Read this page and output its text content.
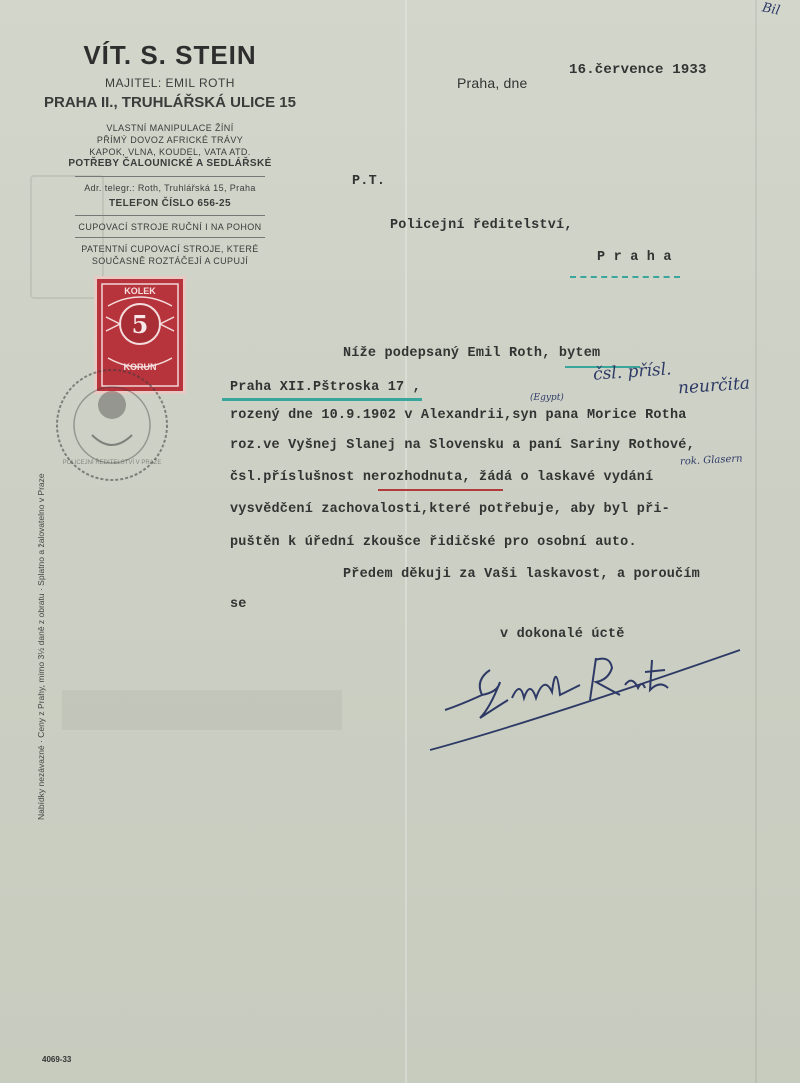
VÍT. S. STEIN
MAJITEL: EMIL ROTH
PRAHA II., TRUHLÁŘSKÁ ULICE 15
VLASTNÍ MANIPULACE ŽÍNÍ
PŘÍMÝ DOVOZ AFRICKÉ TRÁVY
KAPOK, VLNA, KOUDEL, VATA ATD.
POTŘEBY ČALOUNICKÉ A SEDLÁŘSKÉ
Adr. telegr.: Roth, Truhlářská 15, Praha
TELEFON ČÍSLO 656-25
CUPOVACÍ STROJE RUČNÍ I NA POHON
PATENTNÍ CUPOVACÍ STROJE, KTERÉ
SOUČASNĚ ROZTÁČEJÍ A CUPUJÍ
KOLEK
5
KORUN
POLICEJNÍ ŘEDITELSTVÍ V PRAZE
Nabídky nezávazné · Ceny z Prahy, mimo 3½ daně z obratu · Splatno a žalovatelno v Praze
4069-33
Praha, dne
16.července 1933
P.T.
Policejní ředitelství,
P r a h a
Níže podepsaný Emil Roth, bytem
Praha XII.Pštroska 17 ,
rozený dne 10.9.1902 v Alexandrii,syn pana Morice Rotha
roz.ve Vyšnej Slanej na Slovensku a paní Sariny Rothové,
čsl.příslušnost nerozhodnuta, žádá o laskavé vydání
vysvědčení zachovalosti,které potřebuje, aby byl při-
puštěn k úřední zkoušce řidičské pro osobní auto.
Předem děkuji za Vaši laskavost, a poroučím
se
v dokonalé úctě
čsl. přísl.
neurčita
(Egypt)
rok. Glasern
Bil
